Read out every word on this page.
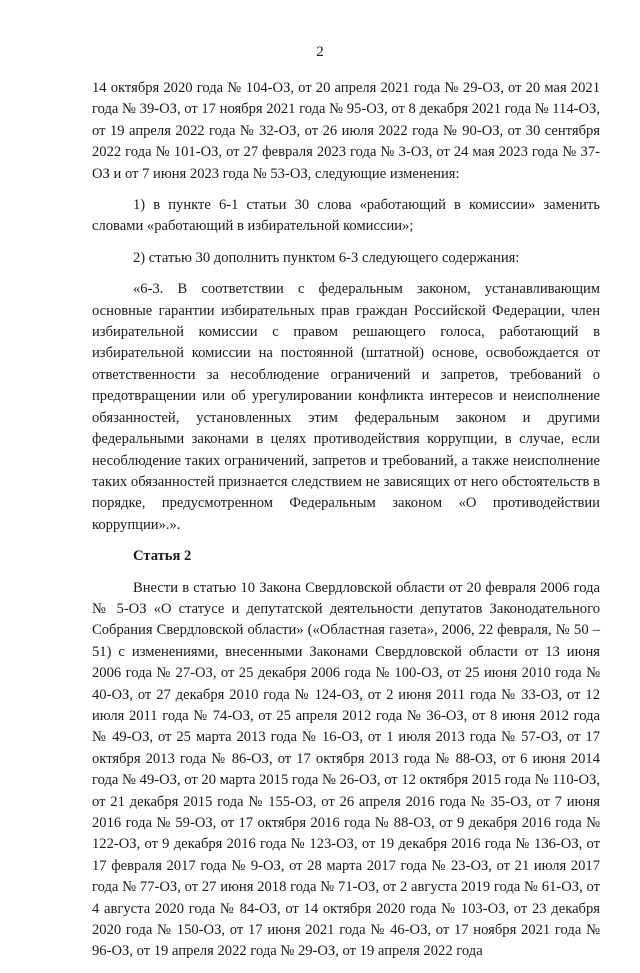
2

14 октября 2020 года № 104-ОЗ, от 20 апреля 2021 года № 29-ОЗ, от 20 мая 2021 года № 39-ОЗ, от 17 ноября 2021 года № 95-ОЗ, от 8 декабря 2021 года № 114-ОЗ, от 19 апреля 2022 года № 32-ОЗ, от 26 июля 2022 года № 90-ОЗ, от 30 сентября 2022 года № 101-ОЗ, от 27 февраля 2023 года № 3-ОЗ, от 24 мая 2023 года № 37-ОЗ и от 7 июня 2023 года № 53-ОЗ, следующие изменения:

1) в пункте 6-1 статьи 30 слова «работающий в комиссии» заменить словами «работающий в избирательной комиссии»;

2) статью 30 дополнить пунктом 6-3 следующего содержания:

«6-3. В соответствии с федеральным законом, устанавливающим основные гарантии избирательных прав граждан Российской Федерации, член избирательной комиссии с правом решающего голоса, работающий в избирательной комиссии на постоянной (штатной) основе, освобождается от ответственности за несоблюдение ограничений и запретов, требований о предотвращении или об урегулировании конфликта интересов и неисполнение обязанностей, установленных этим федеральным законом и другими федеральными законами в целях противодействия коррупции, в случае, если несоблюдение таких ограничений, запретов и требований, а также неисполнение таких обязанностей признается следствием не зависящих от него обстоятельств в порядке, предусмотренном Федеральным законом «О противодействии коррупции».».

Статья 2

Внести в статью 10 Закона Свердловской области от 20 февраля 2006 года № 5-ОЗ «О статусе и депутатской деятельности депутатов Законодательного Собрания Свердловской области» («Областная газета», 2006, 22 февраля, № 50 – 51) с изменениями, внесенными Законами Свердловской области от 13 июня 2006 года № 27-ОЗ, от 25 декабря 2006 года № 100-ОЗ, от 25 июня 2010 года № 40-ОЗ, от 27 декабря 2010 года № 124-ОЗ, от 2 июня 2011 года № 33-ОЗ, от 12 июля 2011 года № 74-ОЗ, от 25 апреля 2012 года № 36-ОЗ, от 8 июня 2012 года № 49-ОЗ, от 25 марта 2013 года № 16-ОЗ, от 1 июля 2013 года № 57-ОЗ, от 17 октября 2013 года № 86-ОЗ, от 17 октября 2013 года № 88-ОЗ, от 6 июня 2014 года № 49-ОЗ, от 20 марта 2015 года № 26-ОЗ, от 12 октября 2015 года № 110-ОЗ, от 21 декабря 2015 года № 155-ОЗ, от 26 апреля 2016 года № 35-ОЗ, от 7 июня 2016 года № 59-ОЗ, от 17 октября 2016 года № 88-ОЗ, от 9 декабря 2016 года № 122-ОЗ, от 9 декабря 2016 года № 123-ОЗ, от 19 декабря 2016 года № 136-ОЗ, от 17 февраля 2017 года № 9-ОЗ, от 28 марта 2017 года № 23-ОЗ, от 21 июля 2017 года № 77-ОЗ, от 27 июня 2018 года № 71-ОЗ, от 2 августа 2019 года № 61-ОЗ, от 4 августа 2020 года № 84-ОЗ, от 14 октября 2020 года № 103-ОЗ, от 23 декабря 2020 года № 150-ОЗ, от 17 июня 2021 года № 46-ОЗ, от 17 ноября 2021 года № 96-ОЗ, от 19 апреля 2022 года № 29-ОЗ, от 19 апреля 2022 года
